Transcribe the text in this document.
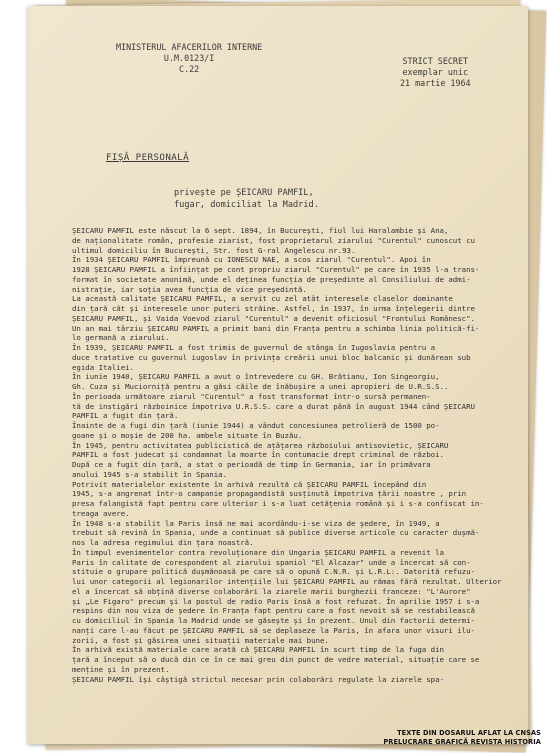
MINISTERUL AFACERILOR INTERNE
U.M.0123/I
C.22
STRICT SECRET
exemplar unic
21 martie 1964
FIȘĂ PERSONALĂ
privește pe ȘEICARU PAMFIL,
fugar, domiciliat la Madrid.
ȘEICARU PAMFIL este născut la 6 sept. 1894, în București, fiul lui Haralambie și Ana,
de naționalitate român, profesie ziarist, fost proprietarul ziarului "Curentul" cunoscut cu
ultimul domiciliu în București, Str. fost G-ral Angelescu nr.93.
În 1934 ȘEICARU PAMFIL împreună cu IONESCU NAE, a scos ziarul "Curentul". Apoi în
1928 ȘEICARU PAMFIL a înființat pe cont propriu ziarul "Curentul" pe care în 1935 l-a trans-
format în societate anonimă, unde el deținea funcția de președinte al Consiliului de admi-
nistrație, iar soția avea funcția de vice președintă.
La această calitate ȘEICARU PAMFIL, a servit cu zel atât interesele claselor dominante
din țară cât și interesele unor puteri străine. Astfel, în 1937, în urma înțelegerii dintre
ȘEICARU PAMFIL, și Vaida Voevod ziarul "Curentul" a devenit oficiosul "Frontului Românesc".
Un an mai târziu ȘEICARU PAMFIL a primit bani din Franța pentru a schimba linia politică-fi-
lo germană a ziarului.
În 1939, ȘEICARU PAMFIL a fost trimis de guvernul de stânga în Iugoslavia pentru a
duce tratative cu guvernul iugoslav în privința creării unui bloc balcanic și dunărean sub
egida Italiei.
În iunie 1940, ȘEICARU PAMFIL a avut o întrevedere cu GH. Brătianu, Ion Singeorgiu,
Gh. Cuza și Muciorniță pentru a găsi căile de înăbușire a unei apropieri de U.R.S.S..
În perioada următoare ziarul "Curentul" a fost transformat într-o sursă permanen-
tă de instigări războinice împotriva U.R.S.S. care a durat până în august 1944 când ȘEICARU
PAMFIL a fugit din țară.
Înainte de a fugi din țară (iunie 1944) a vândut concesiunea petrolieră de 1500 po-
goane și o moșie de 200 ha. ambele situate în Buzău.
În 1945, pentru activitatea publicistică de ațâțarea războiului antisovietic, ȘEICARU
PAMFIL a fost judecat și condamnat la moarte în contumacie drept criminal de război.
După ce a fugit din țară, a stat o perioadă de timp în Germania, iar în primăvara
anului 1945 s-a stabilit în Spania.
Potrivit materialelor existente în arhivă rezultă că ȘEICARU PAMFIL începând din
1945, s-a angrenat într-o campanie propagandistă susținută împotriva țării noastre , prin
presa falangistă fapt pentru care ulterior i s-a luat cetățenia română și i s-a confiscat in-
treaga avere.
În 1948 s-a stabilit la Paris însă ne mai acordându-i-se viza de ședere, în 1949, a
trebuit să revină în Spania, unde a continuat să publice diverse articole cu caracter dușmă-
nos la adresa regimului din țara noastră.
În timpul evenimentelor contra revoluționare din Ungaria ȘEICARU PAMFIL a revenit la
Paris în calitate de corespondent al ziarului spaniol "El Alcazar" unde a încercat să con-
stituie o grupare politică dușmănoasă pe care să o opună C.N.R. și L.R.L:. Datorită refuzu-
lui unor categorii al legionarilor intențiile lui ȘEICARU PAMFIL au rămas fără rezultat. Ulterior
el a încercat să obțină diverse colaborări la ziarele marii burghezii franceze: "L'Aurore"
și „Le Figaro" precum și la postul de radio Paris însă a fost refuzat. În aprilie 1957 i s-a
respins din nou viza de ședere în Franța fapt pentru care a fost nevoit să se restabilească
cu domiciliul în Spania la Madrid unde se găsește și în prezent. Unul din factorii determi-
nanți care l-au făcut pe ȘEICARU PAMFIL să se deplaseze la Paris, în afara unor visuri ilu-
zorii, a fost și găsirea unei situații materiale mai bune.
În arhivă există materiale care arată că ȘEICARU PAMFIL în scurt timp de la fuga din
țară a început să o ducă din ce în ce mai greu din punct de vedre material, situație care se
menține și în prezent.
ȘEICARU PAMFIL își câștigă strictul necesar prin colaborări regulate la ziarele spa-
TEXTE DIN DOSARUL AFLAT LA CNSAS
PRELUCRARE GRAFICĂ REVISTA HISTORIA
